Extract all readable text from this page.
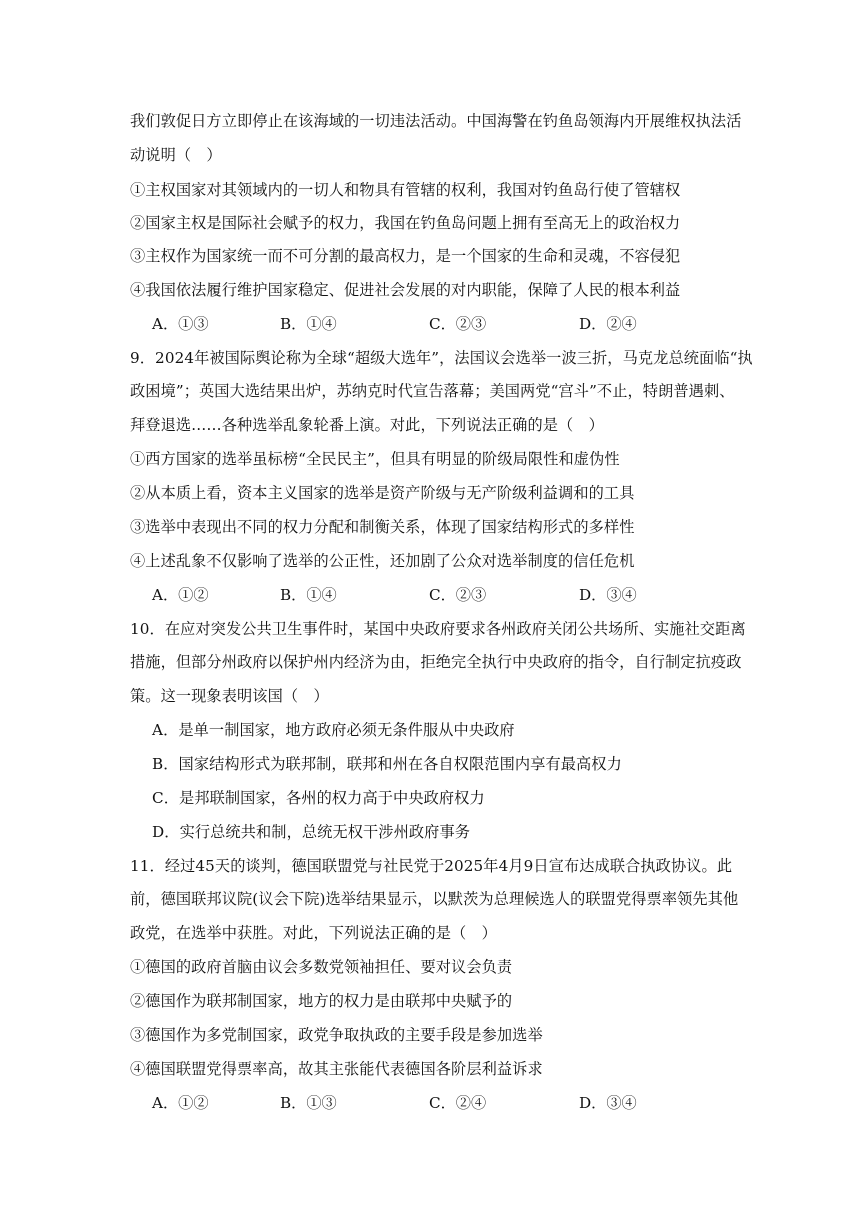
我们敦促日方立即停止在该海域的一切违法活动。中国海警在钓鱼岛领海内开展维权执法活
动说明（　）
①主权国家对其领域内的一切人和物具有管辖的权利，我国对钓鱼岛行使了管辖权
②国家主权是国际社会赋予的权力，我国在钓鱼岛问题上拥有至高无上的政治权力
③主权作为国家统一而不可分割的最高权力，是一个国家的生命和灵魂，不容侵犯
④我国依法履行维护国家稳定、促进社会发展的对内职能，保障了人民的根本利益
A．①③	B．①④	C．②③	D．②④
9．2024年被国际舆论称为全球“超级大选年”，法国议会选举一波三折，马克龙总统面临“执
政困境”；英国大选结果出炉，苏纳克时代宣告落幕；美国两党“宫斗”不止，特朗普遇刺、
拜登退选……各种选举乱象轮番上演。对此，下列说法正确的是（　）
①西方国家的选举虽标榜“全民民主”，但具有明显的阶级局限性和虚伪性
②从本质上看，资本主义国家的选举是资产阶级与无产阶级利益调和的工具
③选举中表现出不同的权力分配和制衡关系，体现了国家结构形式的多样性
④上述乱象不仅影响了选举的公正性，还加剧了公众对选举制度的信任危机
A．①②	B．①④	C．②③	D．③④
10．在应对突发公共卫生事件时，某国中央政府要求各州政府关闭公共场所、实施社交距离
措施，但部分州政府以保护州内经济为由，拒绝完全执行中央政府的指令，自行制定抗疫政
策。这一现象表明该国（　）
A．是单一制国家，地方政府必须无条件服从中央政府
B．国家结构形式为联邦制，联邦和州在各自权限范围内享有最高权力
C．是邦联制国家，各州的权力高于中央政府权力
D．实行总统共和制，总统无权干涉州政府事务
11．经过45天的谈判，德国联盟党与社民党于2025年4月9日宣布达成联合执政协议。此
前，德国联邦议院(议会下院)选举结果显示，以默茨为总理候选人的联盟党得票率领先其他
政党，在选举中获胜。对此，下列说法正确的是（　）
①德国的政府首脑由议会多数党领袖担任、要对议会负责
②德国作为联邦制国家，地方的权力是由联邦中央赋予的
③德国作为多党制国家，政党争取执政的主要手段是参加选举
④德国联盟党得票率高，故其主张能代表德国各阶层利益诉求
A．①②	B．①③	C．②④	D．③④
